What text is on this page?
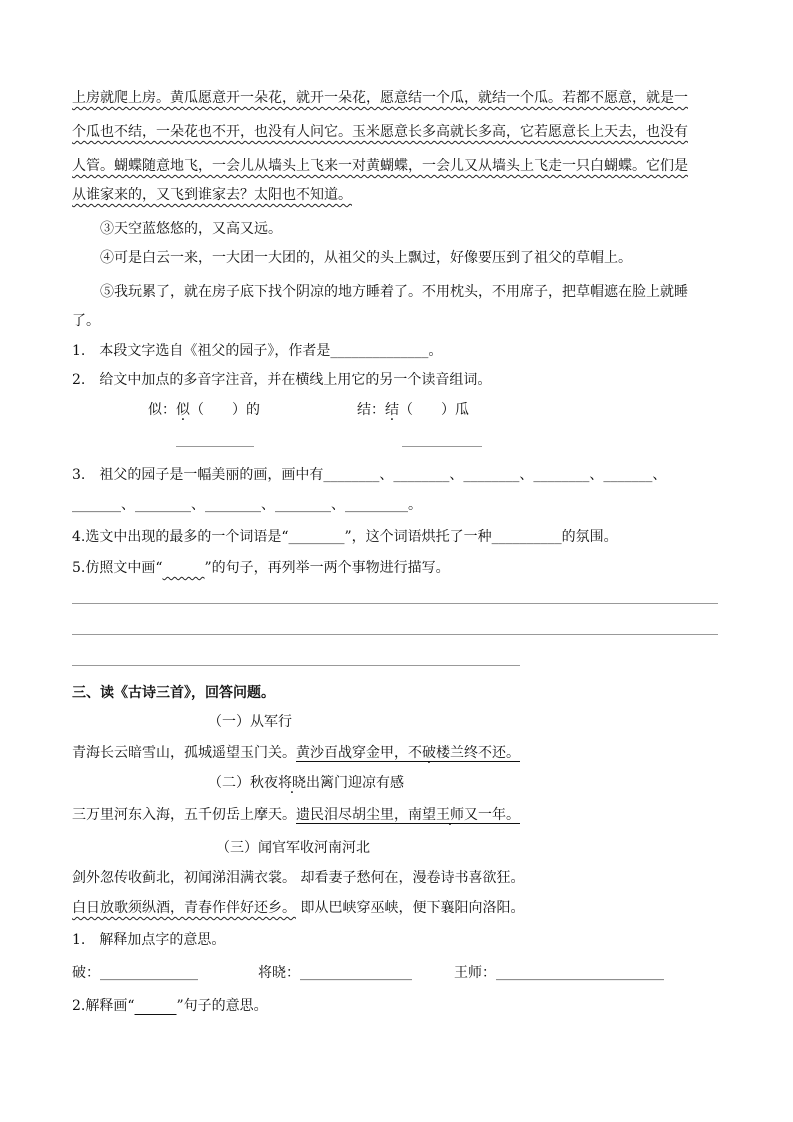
上房就爬上房。黄瓜愿意开一朵花，就开一朵花，愿意结一个瓜，就结一个瓜。若都不愿意，就是一
个瓜也不结，一朵花也不开，也没有人问它。玉米愿意长多高就长多高，它若愿意长上天去，也没有
人管。蝴蝶随意地飞，一会儿从墙头上飞来一对黄蝴蝶，一会儿又从墙头上飞走一只白蝴蝶。它们是
从谁家来的，又飞到谁家去？太阳也不知道。
③天空蓝悠悠的，又高又远。
④可是白云一来，一大团一大团的，从祖父的头上飘过，好像要压到了祖父的草帽上。
⑤我玩累了，就在房子底下找个阴凉的地方睡着了。不用枕头，不用席子，把草帽遮在脸上就睡
了。
1.　本段文字选自《祖父的园子》，作者是______________。
2.　给文中加点的多音字注音，并在横线上用它的另一个读音组词。
似：似（　　）的	结：结（　　）瓜
3.　祖父的园子是一幅美丽的画，画中有________、________、________、________、_______、
_______、________、________、________、_________。
4.选文中出现的最多的一个词语是“________”，这个词语烘托了一种__________的氛围。
5.仿照文中画“　　　	”的句子，再列举一两个事物进行描写。
三、读《古诗三首》，回答问题。
（一）从军行
青海长云暗雪山，孤城遥望玉门关。黄沙百战穿金甲，不破楼兰终不还。
（二）秋夜将晓出篱门迎凉有感
三万里河东入海，五千仞岳上摩天。遗民泪尽胡尘里，南望王师又一年。
（三）闻官军收河南河北
剑外忽传收蓟北，初闻涕泪满衣裳。 却看妻子愁何在，漫卷诗书喜欲狂。
白日放歌须纵酒，青春作伴好还乡。 即从巴峡穿巫峡，便下襄阳向洛阳。
1.　解释加点字的意思。
破：______________	将晓：________________	王师：________________________
2.解释画“　　　	”句子的意思。
